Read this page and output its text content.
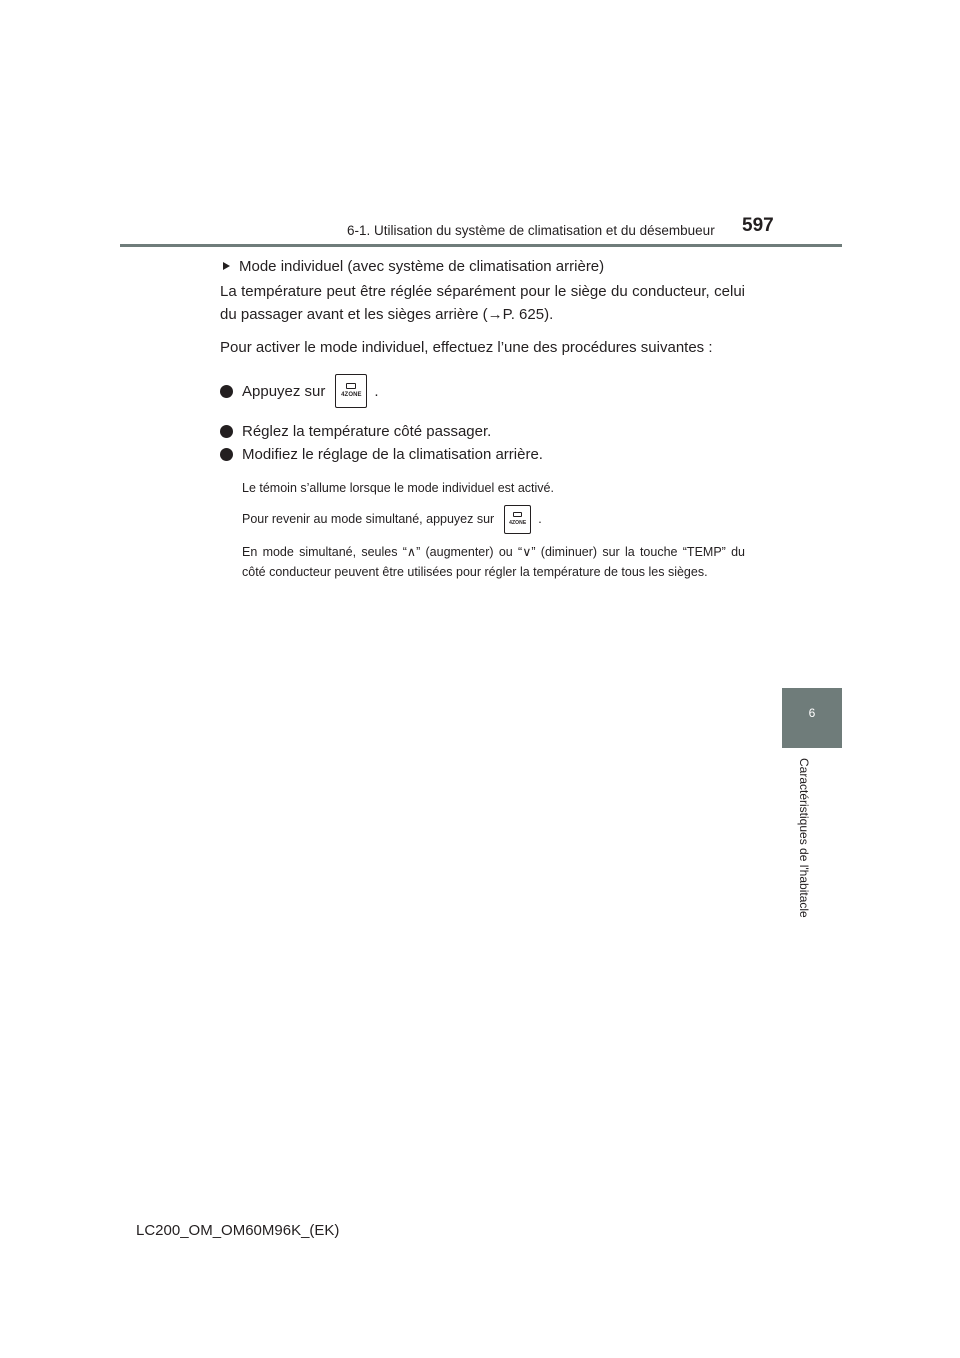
6-1. Utilisation du système de climatisation et du désembueur 597
6
Caractéristiques de l'habitacle
Mode individuel (avec système de climatisation arrière)

La température peut être réglée séparément pour le siège du conducteur, celui du passager avant et les sièges arrière (→P. 625).

Pour activer le mode individuel, effectuez l’une des procédures suivantes :

Appuyez sur	4ZONE .
Réglez la température côté passager.
Modifiez le réglage de la climatisation arrière.

Le témoin s’allume lorsque le mode individuel est activé.

Pour revenir au mode simultané, appuyez sur	4ZONE .

En mode simultané, seules “∧” (augmenter) ou “∨” (diminuer) sur la touche “TEMP” du côté conducteur peuvent être utilisées pour régler la température de tous les sièges.

LC200_OM_OM60M96K_(EK)
